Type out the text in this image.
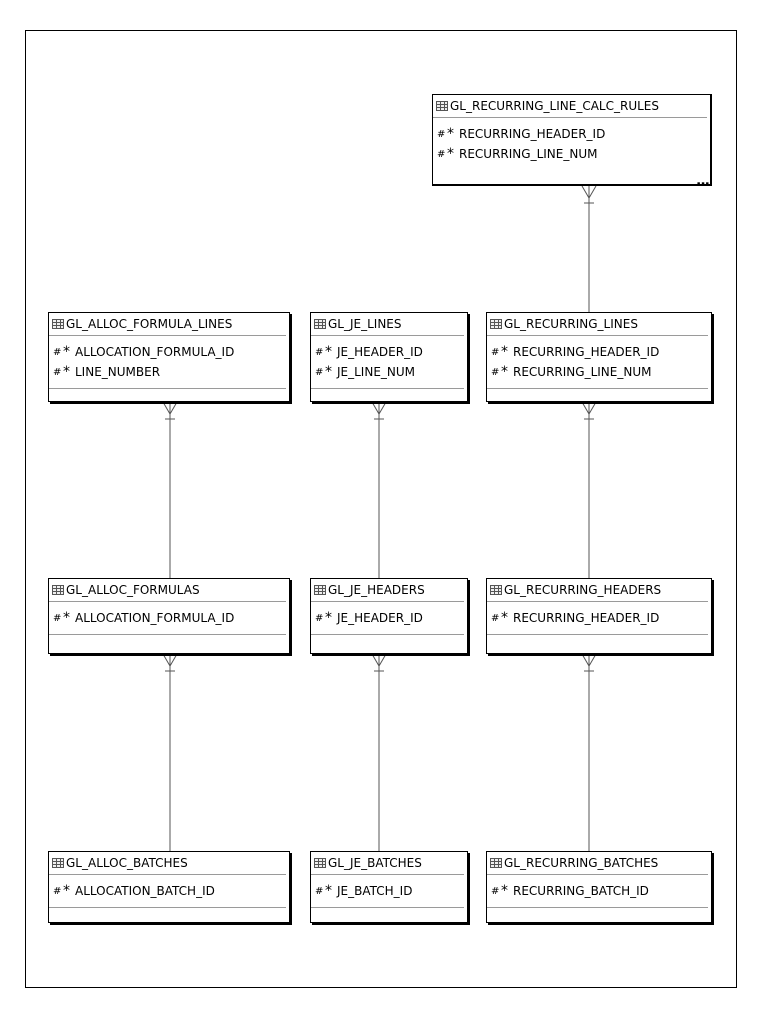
GL_RECURRING_LINE_CALC_RULES
# * RECURRING_HEADER_ID
# * RECURRING_LINE_NUM
...
GL_ALLOC_FORMULA_LINES
# * ALLOCATION_FORMULA_ID
# * LINE_NUMBER
GL_JE_LINES
# * JE_HEADER_ID
# * JE_LINE_NUM
GL_RECURRING_LINES
# * RECURRING_HEADER_ID
# * RECURRING_LINE_NUM
GL_ALLOC_FORMULAS
# * ALLOCATION_FORMULA_ID
GL_JE_HEADERS
# * JE_HEADER_ID
GL_RECURRING_HEADERS
# * RECURRING_HEADER_ID
GL_ALLOC_BATCHES
# * ALLOCATION_BATCH_ID
GL_JE_BATCHES
# * JE_BATCH_ID
GL_RECURRING_BATCHES
# * RECURRING_BATCH_ID
